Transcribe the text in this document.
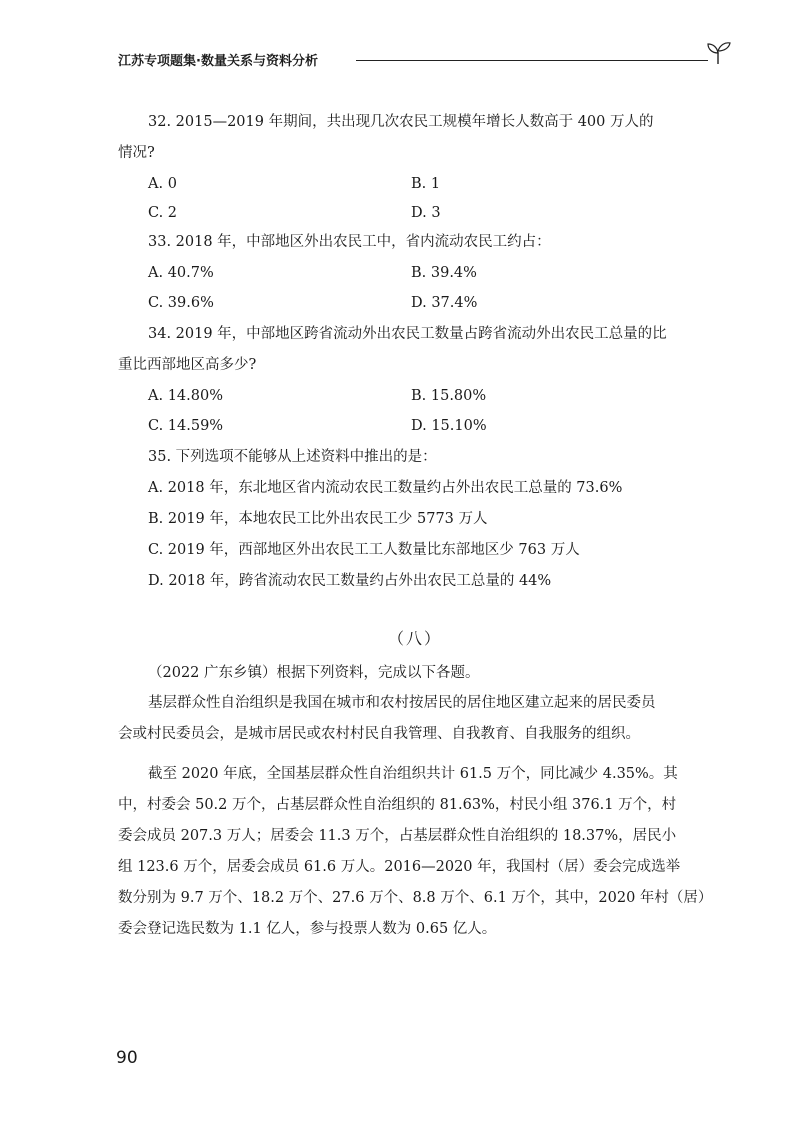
江苏专项题集·数量关系与资料分析
32. 2015—2019 年期间，共出现几次农民工规模年增长人数高于 400 万人的
情况?
A. 0	B. 1
C. 2	D. 3
33. 2018 年，中部地区外出农民工中，省内流动农民工约占：
A. 40.7%	B. 39.4%
C. 39.6%	D. 37.4%
34. 2019 年，中部地区跨省流动外出农民工数量占跨省流动外出农民工总量的比
重比西部地区高多少?
A. 14.80%	B. 15.80%
C. 14.59%	D. 15.10%
35. 下列选项不能够从上述资料中推出的是：
A. 2018 年，东北地区省内流动农民工数量约占外出农民工总量的 73.6%
B. 2019 年，本地农民工比外出农民工少 5773 万人
C. 2019 年，西部地区外出农民工工人数量比东部地区少 763 万人
D. 2018 年，跨省流动农民工数量约占外出农民工总量的 44%
（八）
（2022 广东乡镇）根据下列资料，完成以下各题。
基层群众性自治组织是我国在城市和农村按居民的居住地区建立起来的居民委员
会或村民委员会，是城市居民或农村村民自我管理、自我教育、自我服务的组织。
截至 2020 年底，全国基层群众性自治组织共计 61.5 万个，同比减少 4.35%。其
中，村委会 50.2 万个，占基层群众性自治组织的 81.63%，村民小组 376.1 万个，村
委会成员 207.3 万人；居委会 11.3 万个，占基层群众性自治组织的 18.37%，居民小
组 123.6 万个，居委会成员 61.6 万人。2016—2020 年，我国村（居）委会完成选举
数分别为 9.7 万个、18.2 万个、27.6 万个、8.8 万个、6.1 万个，其中，2020 年村（居）
委会登记选民数为 1.1 亿人，参与投票人数为 0.65 亿人。
90
